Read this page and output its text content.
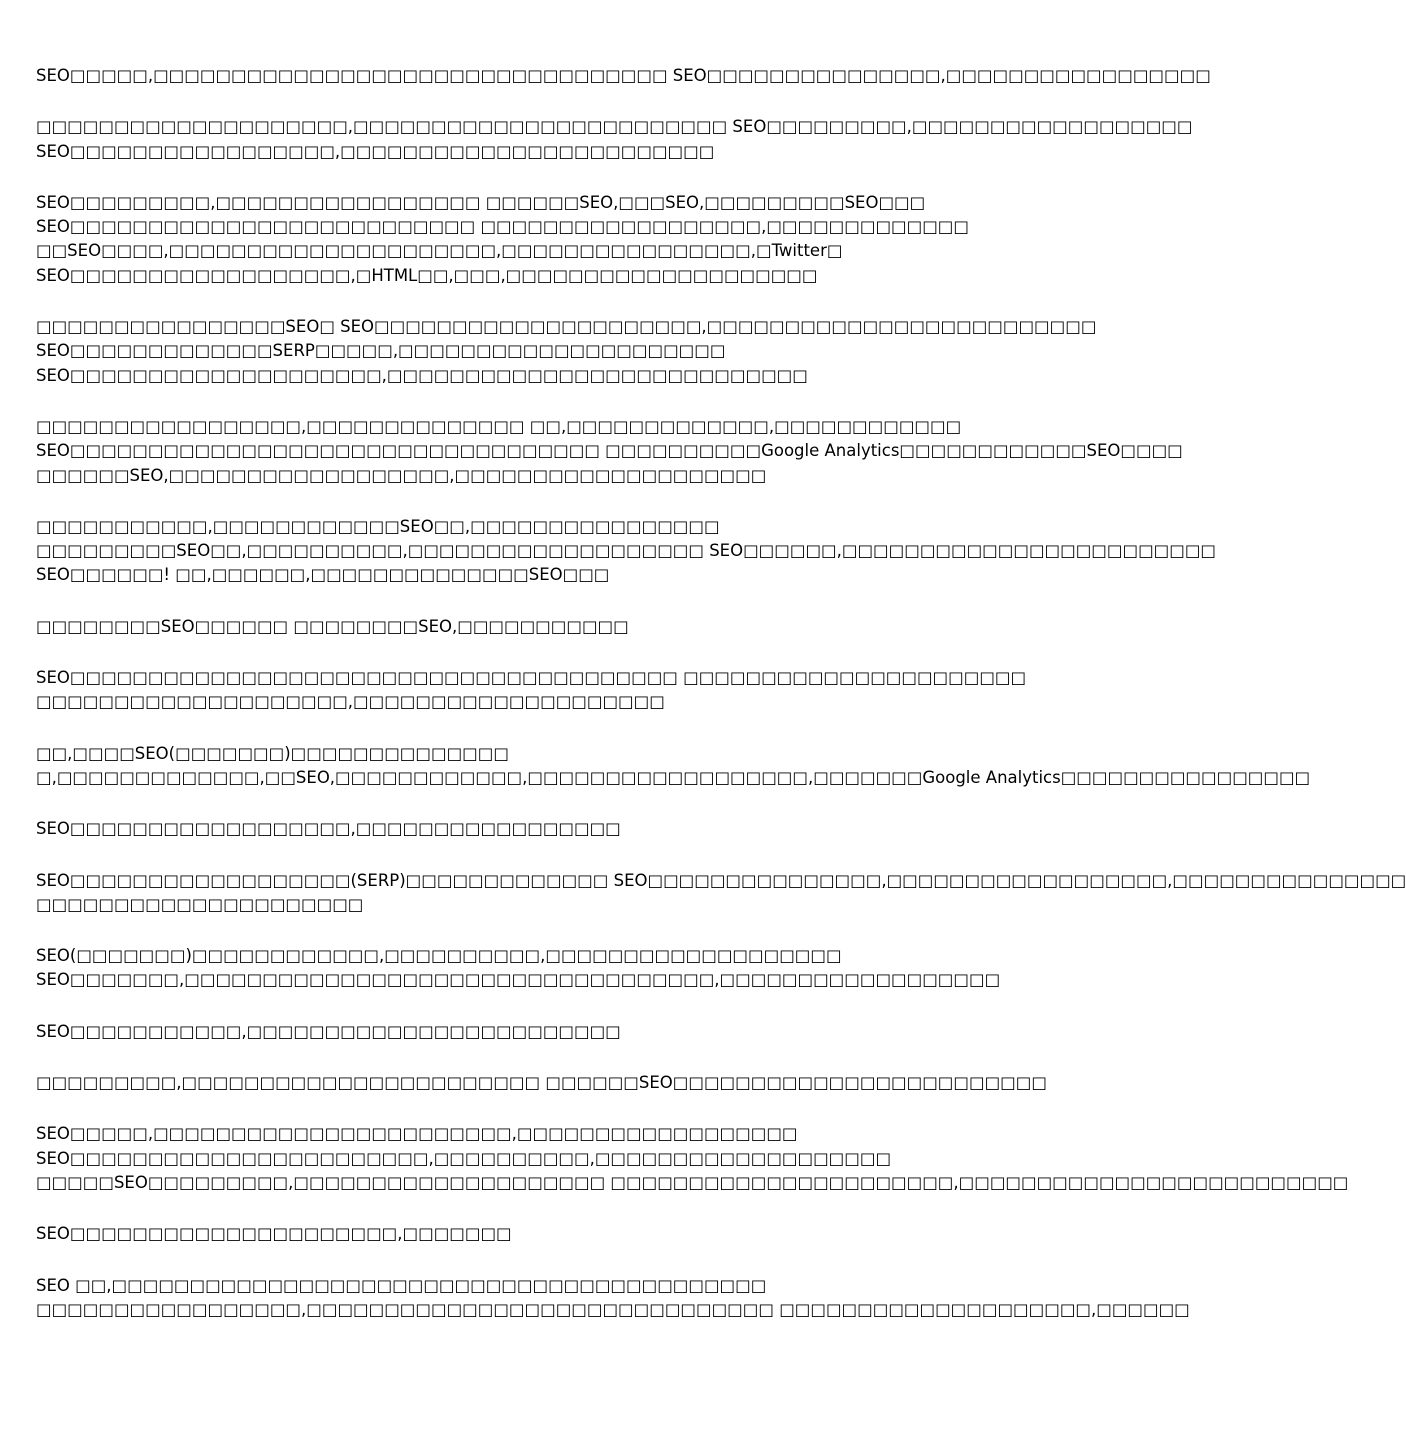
SEO□□□□□,□□□□□□□□□□□□□□□□□□□□□□□□□□□□□□□□□ SEO□□□□□□□□□□□□□□□,□□□□□□□□□□□□□□□□□
□□□□□□□□□□□□□□□□□□□□,□□□□□□□□□□□□□□□□□□□□□□□□ SEO□□□□□□□□□,□□□□□□□□□□□□□□□□□□
SEO□□□□□□□□□□□□□□□□□,□□□□□□□□□□□□□□□□□□□□□□□□
SEO□□□□□□□□□,□□□□□□□□□□□□□□□□□ □□□□□□SEO,□□□SEO,□□□□□□□□□SEO□□□
SEO□□□□□□□□□□□□□□□□□□□□□□□□□□ □□□□□□□□□□□□□□□□□□,□□□□□□□□□□□□□
□□SEO□□□□,□□□□□□□□□□□□□□□□□□□□□,□□□□□□□□□□□□□□□□,□Twitter□
SEO□□□□□□□□□□□□□□□□□□,□HTML□□,□□□,□□□□□□□□□□□□□□□□□□□□
□□□□□□□□□□□□□□□□SEO□ SEO□□□□□□□□□□□□□□□□□□□□□,□□□□□□□□□□□□□□□□□□□□□□□□□
SEO□□□□□□□□□□□□□SERP□□□□□,□□□□□□□□□□□□□□□□□□□□□
SEO□□□□□□□□□□□□□□□□□□□□,□□□□□□□□□□□□□□□□□□□□□□□□□□□
□□□□□□□□□□□□□□□□□,□□□□□□□□□□□□□□ □□,□□□□□□□□□□□□□,□□□□□□□□□□□□
SEO□□□□□□□□□□□□□□□□□□□□□□□□□□□□□□□□□□ □□□□□□□□□□Google Analytics□□□□□□□□□□□□SEO□□□□
□□□□□□SEO,□□□□□□□□□□□□□□□□□□,□□□□□□□□□□□□□□□□□□□□
□□□□□□□□□□□,□□□□□□□□□□□□SEO□□,□□□□□□□□□□□□□□□□
□□□□□□□□□SEO□□,□□□□□□□□□□,□□□□□□□□□□□□□□□□□□□ SEO□□□□□□,□□□□□□□□□□□□□□□□□□□□□□□□
SEO□□□□□□! □□,□□□□□□,□□□□□□□□□□□□□□SEO□□□
□□□□□□□□SEO□□□□□□ □□□□□□□□SEO,□□□□□□□□□□□
SEO□□□□□□□□□□□□□□□□□□□□□□□□□□□□□□□□□□□□□□□ □□□□□□□□□□□□□□□□□□□□□□
□□□□□□□□□□□□□□□□□□□□,□□□□□□□□□□□□□□□□□□□□
□□,□□□□SEO(□□□□□□□)□□□□□□□□□□□□□□
□,□□□□□□□□□□□□□,□□SEO,□□□□□□□□□□□□,□□□□□□□□□□□□□□□□□□,□□□□□□□Google Analytics□□□□□□□□□□□□□□□□
SEO□□□□□□□□□□□□□□□□□□,□□□□□□□□□□□□□□□□□
SEO□□□□□□□□□□□□□□□□□□(SERP)□□□□□□□□□□□□□ SEO□□□□□□□□□□□□□□□,□□□□□□□□□□□□□□□□□□,□□□□□□□□□□□□□□□
□□□□□□□□□□□□□□□□□□□□□
SEO(□□□□□□□)□□□□□□□□□□□□,□□□□□□□□□□,□□□□□□□□□□□□□□□□□□□
SEO□□□□□□□,□□□□□□□□□□□□□□□□□□□□□□□□□□□□□□□□□□,□□□□□□□□□□□□□□□□□□
SEO□□□□□□□□□□□,□□□□□□□□□□□□□□□□□□□□□□□□
□□□□□□□□□,□□□□□□□□□□□□□□□□□□□□□□□ □□□□□□SEO□□□□□□□□□□□□□□□□□□□□□□□□
SEO□□□□□,□□□□□□□□□□□□□□□□□□□□□□□,□□□□□□□□□□□□□□□□□□
SEO□□□□□□□□□□□□□□□□□□□□□□□,□□□□□□□□□□,□□□□□□□□□□□□□□□□□□□
□□□□□SEO□□□□□□□□□,□□□□□□□□□□□□□□□□□□□□ □□□□□□□□□□□□□□□□□□□□□□,□□□□□□□□□□□□□□□□□□□□□□□□□
SEO□□□□□□□□□□□□□□□□□□□□□,□□□□□□□
SEO □□,□□□□□□□□□□□□□□□□□□□□□□□□□□□□□□□□□□□□□□□□□□
□□□□□□□□□□□□□□□□□,□□□□□□□□□□□□□□□□□□□□□□□□□□□□□□ □□□□□□□□□□□□□□□□□□□□,□□□□□□
